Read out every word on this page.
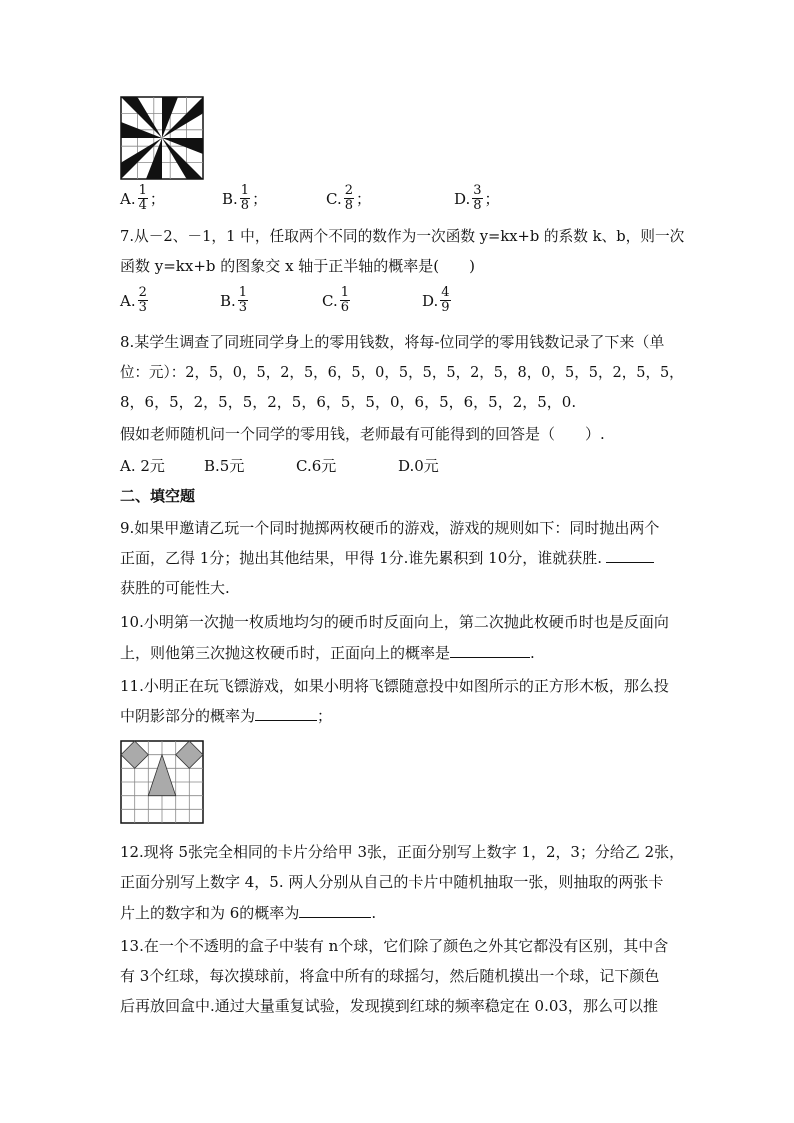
A. $\frac{1}{4}$ ；	B. $\frac{1}{8}$ ；	C. $\frac{2}{8}$ ；	D. $\frac{3}{8}$ ；
7.从－2、－1，1 中，任取两个不同的数作为一次函数 y=kx+b 的系数 k、b，则一次
函数 y=kx+b 的图象交 x 轴于正半轴的概率是(　　)
A. $\frac{2}{3}$	B. $\frac{1}{3}$	C. $\frac{1}{6}$	D. $\frac{4}{9}$
8.某学生调查了同班同学身上的零用钱数，将每-位同学的零用钱数记录了下来（单
位：元）：2，5，0，5，2，5，6，5，0，5，5，5，2，5，8，0，5，5，2，5，5，
8，6，5，2，5，5，2，5，6，5，5，0，6，5，6，5，2，5，0.
假如老师随机问一个同学的零用钱，老师最有可能得到的回答是（　　）.
A. 2元	B.5元	C.6元	D.0元
二、填空题
9.如果甲邀请乙玩一个同时抛掷两枚硬币的游戏，游戏的规则如下：同时抛出两个
正面，乙得 1分；抛出其他结果，甲得 1分.谁先累积到 10分，谁就获胜.
获胜的可能性大.
10.小明第一次抛一枚质地均匀的硬币时反面向上，第二次抛此枚硬币时也是反面向
上，则他第三次抛这枚硬币时，正面向上的概率是	.
11.小明正在玩飞镖游戏，如果小明将飞镖随意投中如图所示的正方形木板，那么投
中阴影部分的概率为	；
12.现将 5张完全相同的卡片分给甲 3张，正面分别写上数字 1，2，3；分给乙 2张，
正面分别写上数字 4，5. 两人分别从自己的卡片中随机抽取一张，则抽取的两张卡
片上的数字和为 6的概率为	.
13.在一个不透明的盒子中装有 n个球，它们除了颜色之外其它都没有区别，其中含
有 3个红球，每次摸球前，将盒中所有的球摇匀，然后随机摸出一个球，记下颜色
后再放回盒中.通过大量重复试验，发现摸到红球的频率稳定在 0.03，那么可以推
